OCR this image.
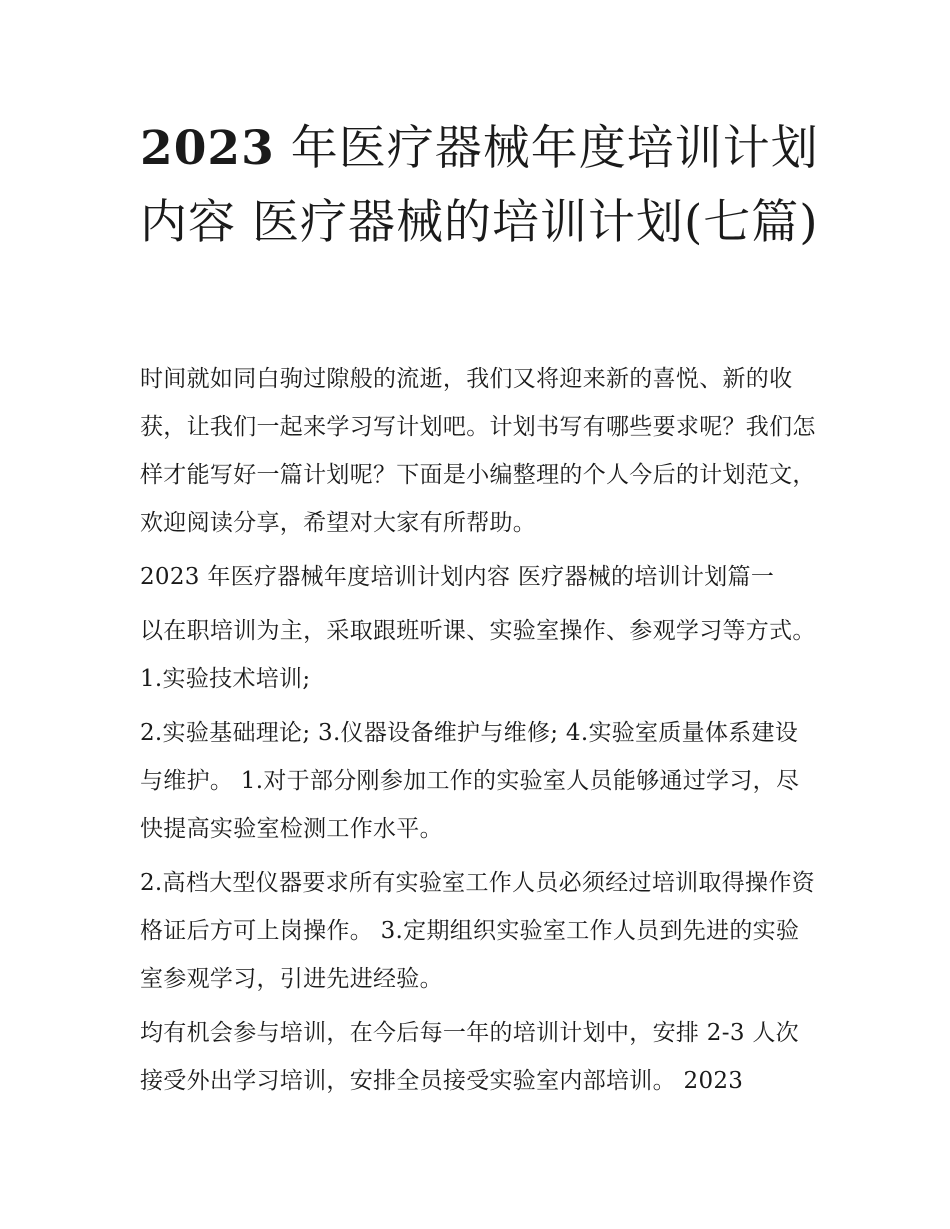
2023 年医疗器械年度培训计划内容 医疗器械的培训计划(七篇)

时间就如同白驹过隙般的流逝，我们又将迎来新的喜悦、新的收获，让我们一起来学习写计划吧。计划书写有哪些要求呢？我们怎样才能写好一篇计划呢？下面是小编整理的个人今后的计划范文，欢迎阅读分享，希望对大家有所帮助。

2023 年医疗器械年度培训计划内容 医疗器械的培训计划篇一

以在职培训为主，采取跟班听课、实验室操作、参观学习等方式。 1.实验技术培训;

2.实验基础理论; 3.仪器设备维护与维修; 4.实验室质量体系建设与维护。 1.对于部分刚参加工作的实验室人员能够通过学习，尽快提高实验室检测工作水平。

2.高档大型仪器要求所有实验室工作人员必须经过培训取得操作资格证后方可上岗操作。 3.定期组织实验室工作人员到先进的实验室参观学习，引进先进经验。

均有机会参与培训，在今后每一年的培训计划中，安排 2-3 人次接受外出学习培训，安排全员接受实验室内部培训。 2023
